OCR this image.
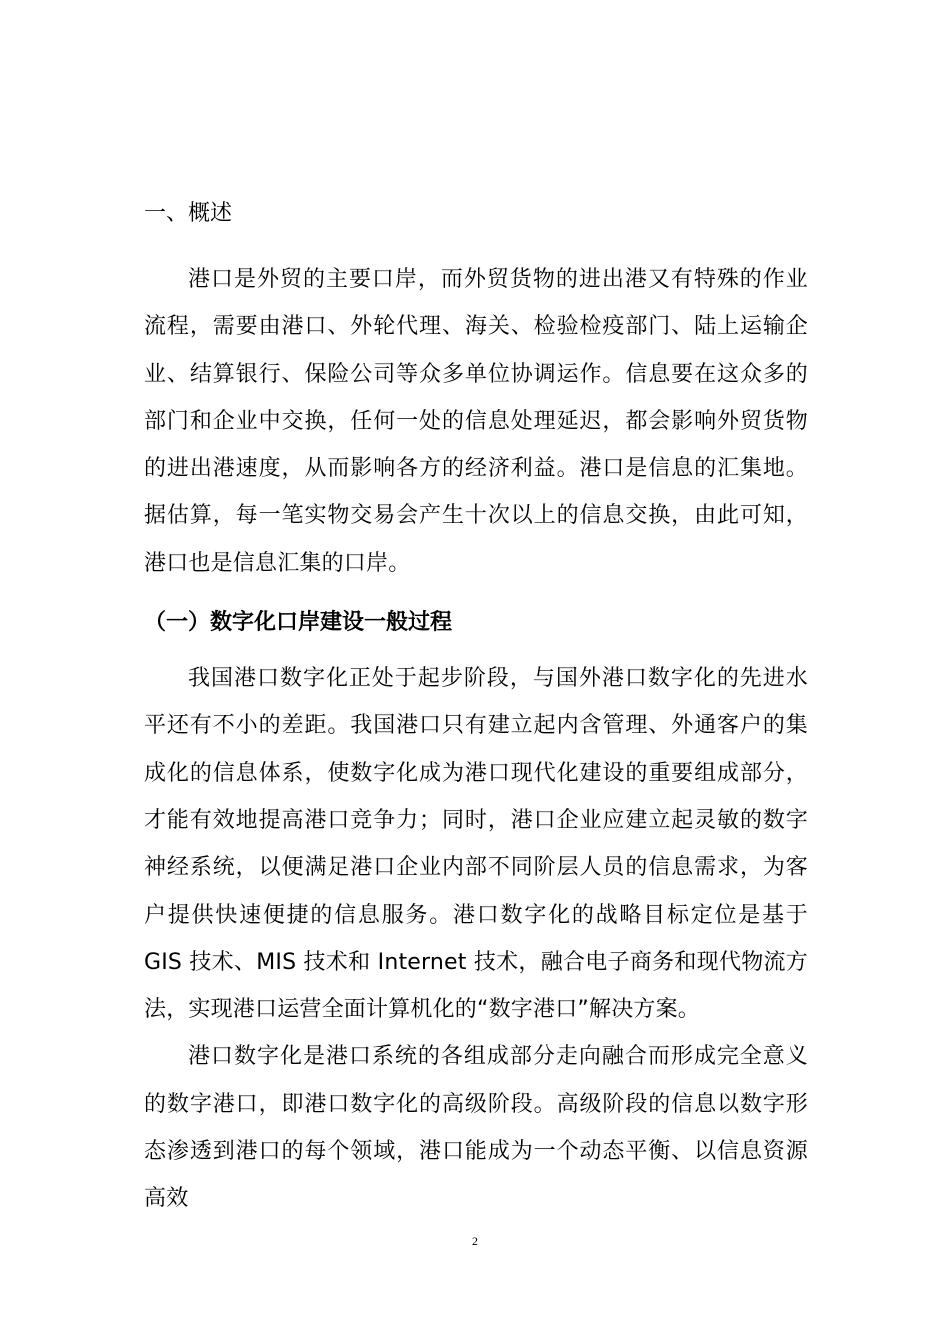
一、概述

港口是外贸的主要口岸，而外贸货物的进出港又有特殊的作业流程，需要由港口、外轮代理、海关、检验检疫部门、陆上运输企业、结算银行、保险公司等众多单位协调运作。信息要在这众多的部门和企业中交换，任何一处的信息处理延迟，都会影响外贸货物的进出港速度，从而影响各方的经济利益。港口是信息的汇集地。据估算，每一笔实物交易会产生十次以上的信息交换，由此可知，港口也是信息汇集的口岸。

（一）数字化口岸建设一般过程

我国港口数字化正处于起步阶段，与国外港口数字化的先进水平还有不小的差距。我国港口只有建立起内含管理、外通客户的集成化的信息体系，使数字化成为港口现代化建设的重要组成部分，才能有效地提高港口竞争力；同时，港口企业应建立起灵敏的数字神经系统，以便满足港口企业内部不同阶层人员的信息需求，为客户提供快速便捷的信息服务。港口数字化的战略目标定位是基于 GIS 技术、MIS 技术和 Internet 技术，融合电子商务和现代物流方法，实现港口运营全面计算机化的“数字港口”解决方案。

港口数字化是港口系统的各组成部分走向融合而形成完全意义的数字港口，即港口数字化的高级阶段。高级阶段的信息以数字形态渗透到港口的每个领域，港口能成为一个动态平衡、以信息资源高效

2
